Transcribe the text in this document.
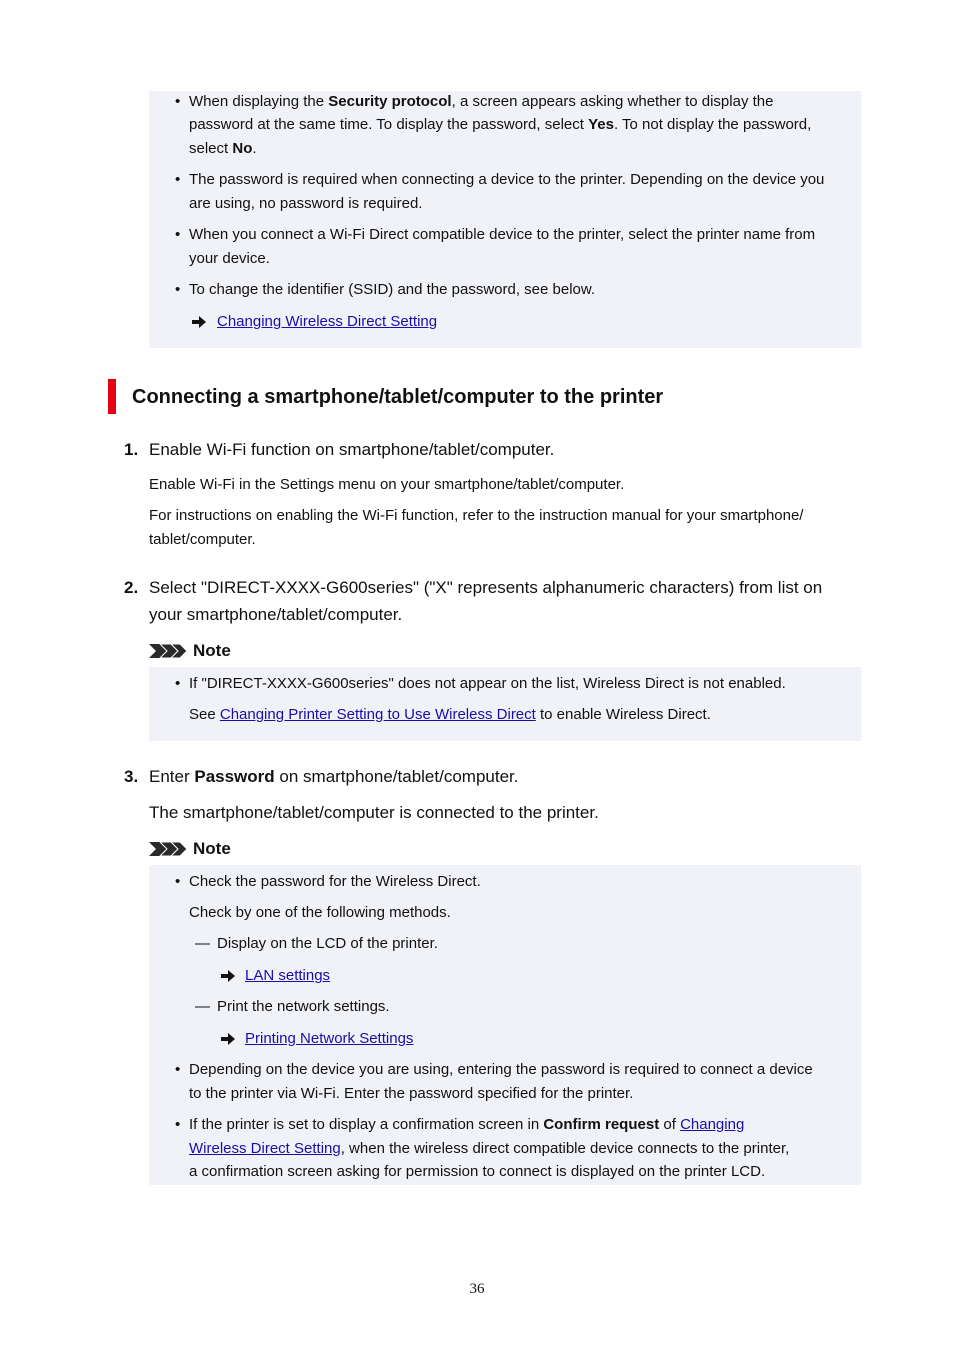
• When displaying the Security protocol, a screen appears asking whether to display the
password at the same time. To display the password, select Yes. To not display the password,
select No.
• The password is required when connecting a device to the printer. Depending on the device you
are using, no password is required.
• When you connect a Wi-Fi Direct compatible device to the printer, select the printer name from
your device.
• To change the identifier (SSID) and the password, see below.
Changing Wireless Direct Setting
Connecting a smartphone/tablet/computer to the printer
1. Enable Wi-Fi function on smartphone/tablet/computer.
Enable Wi-Fi in the Settings menu on your smartphone/tablet/computer.
For instructions on enabling the Wi-Fi function, refer to the instruction manual for your smartphone/
tablet/computer.
2. Select "DIRECT-XXXX-G600series" ("X" represents alphanumeric characters) from list on
your smartphone/tablet/computer.
Note
• If "DIRECT-XXXX-G600series" does not appear on the list, Wireless Direct is not enabled.
See Changing Printer Setting to Use Wireless Direct to enable Wireless Direct.
3. Enter Password on smartphone/tablet/computer.
The smartphone/tablet/computer is connected to the printer.
Note
• Check the password for the Wireless Direct.
Check by one of the following methods.
— Display on the LCD of the printer.
LAN settings
— Print the network settings.
Printing Network Settings
• Depending on the device you are using, entering the password is required to connect a device
to the printer via Wi-Fi. Enter the password specified for the printer.
• If the printer is set to display a confirmation screen in Confirm request of Changing
Wireless Direct Setting, when the wireless direct compatible device connects to the printer,
a confirmation screen asking for permission to connect is displayed on the printer LCD.
36
